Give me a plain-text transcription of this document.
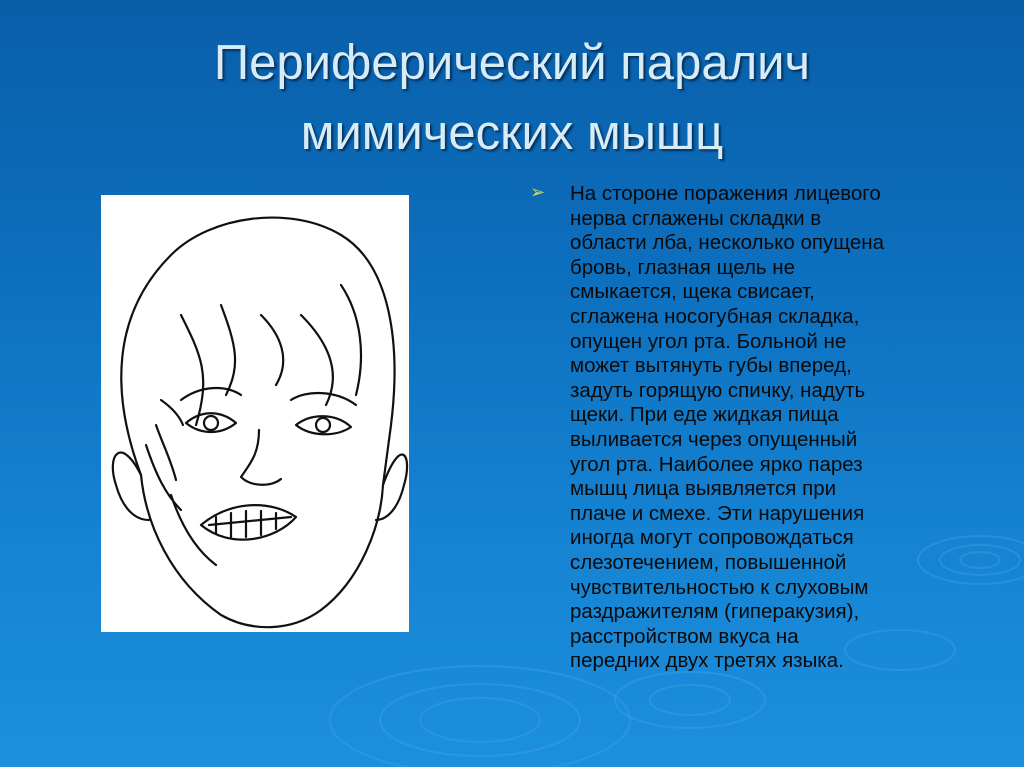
Периферический паралич
мимических мышц
➢ На стороне поражения лицевого
нерва сглажены складки в
области лба, несколько опущена
бровь, глазная щель не
смыкается, щека свисает,
сглажена носогубная складка,
опущен угол рта. Больной не
может вытянуть губы вперед,
задуть горящую спичку, надуть
щеки. При еде жидкая пища
выливается через опущенный
угол рта. Наиболее ярко парез
мышц лица выявляется при
плаче и смехе. Эти нарушения
иногда могут сопровождаться
слезотечением, повышенной
чувствительностью к слуховым
раздражителям (гиперакузия),
расстройством вкуса на
передних двух третях языка.
